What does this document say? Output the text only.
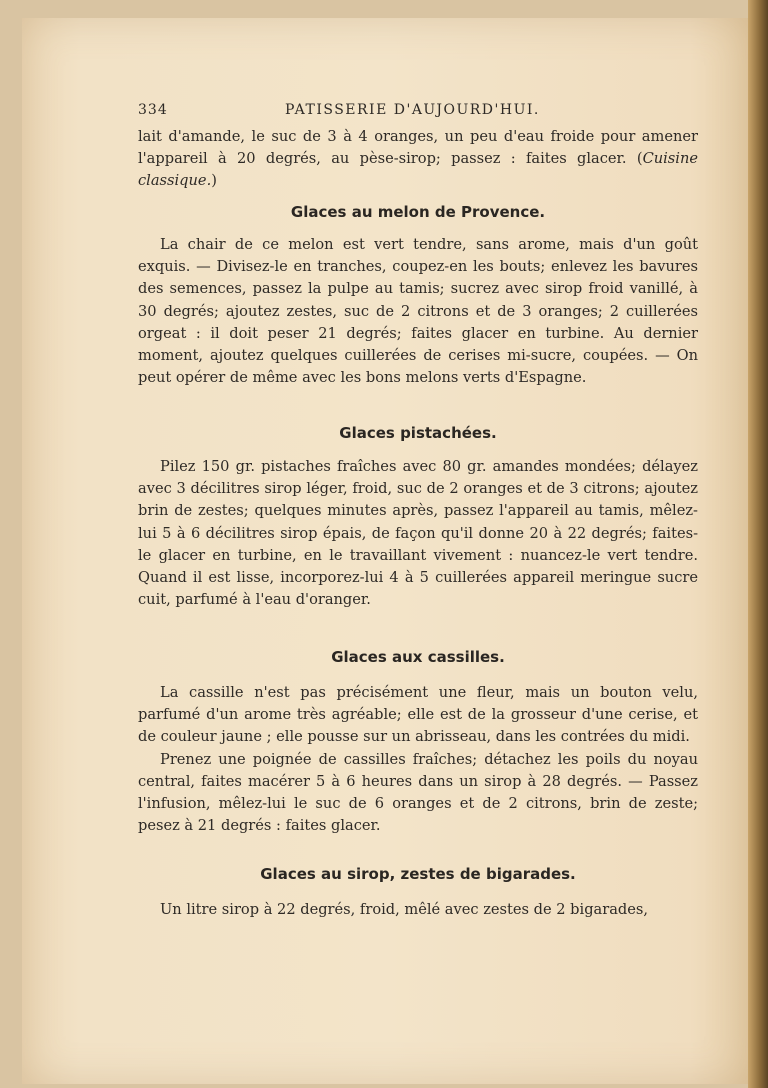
334	PATISSERIE D'AUJOURD'HUI.

lait d'amande, le suc de 3 à 4 oranges, un peu d'eau froide pour amener l'appareil à 20 degrés, au pèse-sirop; passez : faites glacer. (Cuisine classique.)

Glaces au melon de Provence.

La chair de ce melon est vert tendre, sans arome, mais d'un goût exquis. — Divisez-le en tranches, coupez-en les bouts; enlevez les bavures des semences, passez la pulpe au tamis; sucrez avec sirop froid vanillé, à 30 degrés; ajoutez zestes, suc de 2 citrons et de 3 oranges; 2 cuillerées orgeat : il doit peser 21 degrés; faites glacer en turbine. Au dernier moment, ajoutez quelques cuillerées de cerises mi-sucre, coupées. — On peut opérer de même avec les bons melons verts d'Espagne.

Glaces pistachées.

Pilez 150 gr. pistaches fraîches avec 80 gr. amandes mondées; délayez avec 3 décilitres sirop léger, froid, suc de 2 oranges et de 3 citrons; ajoutez brin de zestes; quelques minutes après, passez l'appareil au tamis, mêlez-lui 5 à 6 décilitres sirop épais, de façon qu'il donne 20 à 22 degrés; faites-le glacer en turbine, en le travaillant vivement : nuancez-le vert tendre. Quand il est lisse, incorporez-lui 4 à 5 cuillerées appareil meringue sucre cuit, parfumé à l'eau d'oranger.

Glaces aux cassilles.

La cassille n'est pas précisément une fleur, mais un bouton velu, parfumé d'un arome très agréable; elle est de la grosseur d'une cerise, et de couleur jaune ; elle pousse sur un abrisseau, dans les contrées du midi.

Prenez une poignée de cassilles fraîches; détachez les poils du noyau central, faites macérer 5 à 6 heures dans un sirop à 28 degrés. — Passez l'infusion, mêlez-lui le suc de 6 oranges et de 2 citrons, brin de zeste; pesez à 21 degrés : faites glacer.

Glaces au sirop, zestes de bigarades.

Un litre sirop à 22 degrés, froid, mêlé avec zestes de 2 bigarades,
